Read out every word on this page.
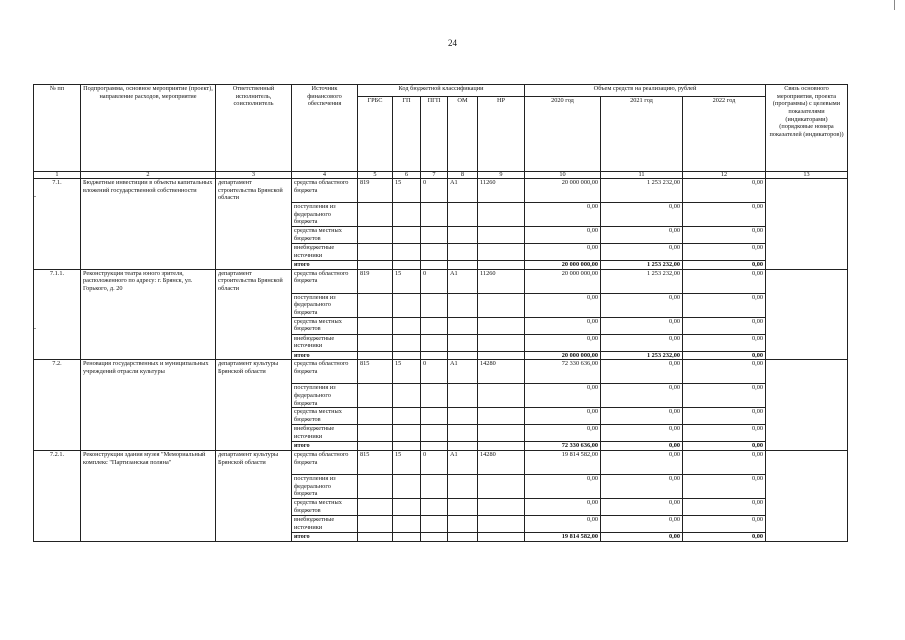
24
№ пп	Подпрограмма, основное мероприятие (проект), направление расходов, мероприятие	Ответственный исполнитель, соисполнитель	Источник финансового обеспечения	Код бюджетной классификации					Объем средств на реализацию, рублей			Связь основного мероприятия, проекта (программы) с целевыми показателями (индикаторами) (порядковые номера показателей (индикаторов))
				ГРБС	ГП	ПГП	ОМ	НР	2020 год	2021 год	2022 год	
1	2	3	4	5	6	7	8	9	10	11	12	13
7.1.	Бюджетные инвестиции в объекты капитальных вложений государственной собственности	департамент строительства Брянской области	средства областного бюджета	819	15	0	А1	11260	20 000 000,00	1 253 232,00	0,00	
			поступления из федерального бюджета						0,00	0,00	0,00	
			средства местных бюджетов						0,00	0,00	0,00	
			внебюджетные источники						0,00	0,00	0,00	
			итого						20 000 000,00	1 253 232,00	0,00	
7.1.1.	Реконструкция театра юного зрителя, расположенного по адресу: г. Брянск, ул. Горького, д. 20	департамент строительства Брянской области	средства областного бюджета	819	15	0	А1	11260	20 000 000,00	1 253 232,00	0,00	
			поступления из федерального бюджета						0,00	0,00	0,00	
			средства местных бюджетов						0,00	0,00	0,00	
			внебюджетные источники						0,00	0,00	0,00	
			итого						20 000 000,00	1 253 232,00	0,00	
7.2.	Реновация государственных и муниципальных учреждений отрасли культуры	департамент культуры Брянской области	средства областного бюджета	815	15	0	А1	14280	72 330 636,00	0,00	0,00	
			поступления из федерального бюджета						0,00	0,00	0,00	
			средства местных бюджетов						0,00	0,00	0,00	
			внебюджетные источники						0,00	0,00	0,00	
			итого						72 330 636,00	0,00	0,00	
7.2.1.	Реконструкция здания музея "Мемориальный комплекс "Партизанская поляна"	департамент культуры Брянской области	средства областного бюджета	815	15	0	А1	14280	19 814 582,00	0,00	0,00	
			поступления из федерального бюджета						0,00	0,00	0,00	
			средства местных бюджетов						0,00	0,00	0,00	
			внебюджетные источники						0,00	0,00	0,00	
			итого						19 814 582,00	0,00	0,00	
